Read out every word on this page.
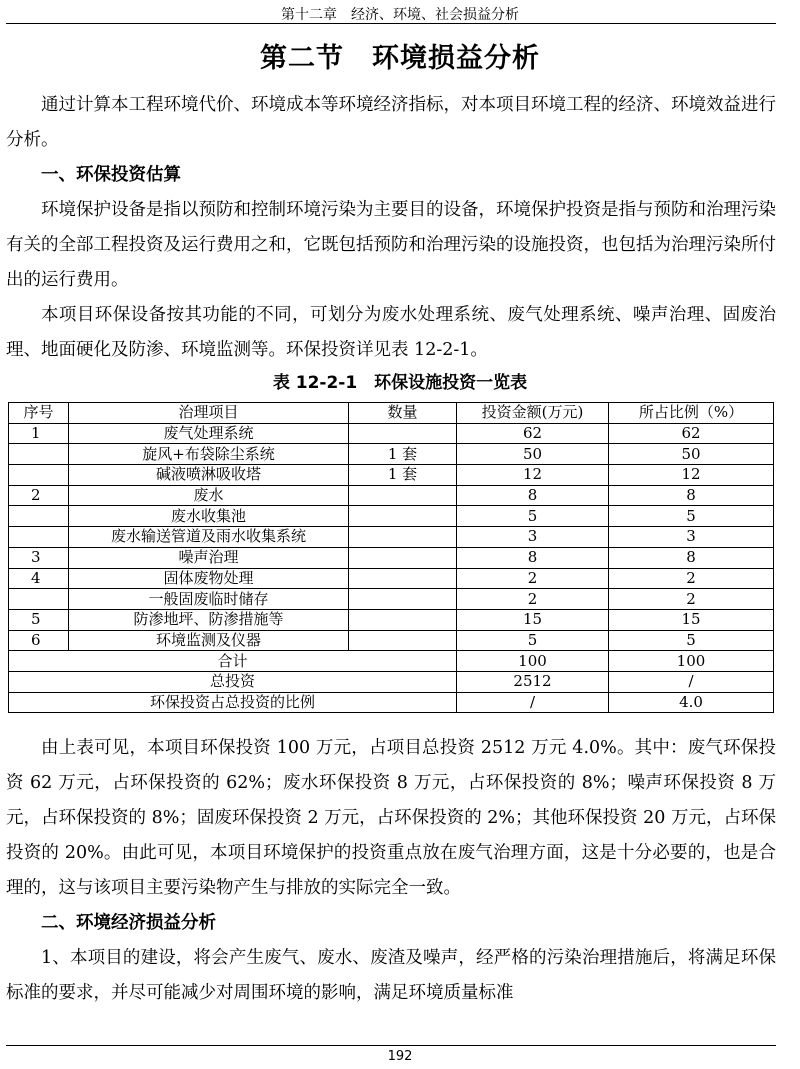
第十二章　经济、环境、社会损益分析
第二节　环境损益分析

通过计算本工程环境代价、环境成本等环境经济指标，对本项目环境工程的经济、环境效益进行分析。

一、环保投资估算

环境保护设备是指以预防和控制环境污染为主要目的设备，环境保护投资是指与预防和治理污染有关的全部工程投资及运行费用之和，它既包括预防和治理污染的设施投资，也包括为治理污染所付出的运行费用。

本项目环保设备按其功能的不同，可划分为废水处理系统、废气处理系统、噪声治理、固废治理、地面硬化及防渗、环境监测等。环保投资详见表 12-2-1。

表 12-2-1　环保设施投资一览表
序号	治理项目	数量	投资金额(万元)	所占比例（%）
1	废气处理系统		62	62
	旋风+布袋除尘系统	1 套	50	50
	碱液喷淋吸收塔	1 套	12	12
2	废水		8	8
	废水收集池		5	5
	废水输送管道及雨水收集系统		3	3
3	噪声治理		8	8
4	固体废物处理		2	2
	一般固废临时储存		2	2
5	防渗地坪、防渗措施等		15	15
6	环境监测及仪器		5	5
合计			100	100
总投资			2512	/
环保投资占总投资的比例			/	4.0

由上表可见，本项目环保投资 100 万元，占项目总投资 2512 万元 4.0%。其中：废气环保投资 62 万元，占环保投资的 62%；废水环保投资 8 万元，占环保投资的 8%；噪声环保投资 8 万元，占环保投资的 8%；固废环保投资 2 万元，占环保投资的 2%；其他环保投资 20 万元，占环保投资的 20%。由此可见，本项目环境保护的投资重点放在废气治理方面，这是十分必要的，也是合理的，这与该项目主要污染物产生与排放的实际完全一致。

二、环境经济损益分析

1、本项目的建设，将会产生废气、废水、废渣及噪声，经严格的污染治理措施后，将满足环保标准的要求，并尽可能减少对周围环境的影响，满足环境质量标准

192
